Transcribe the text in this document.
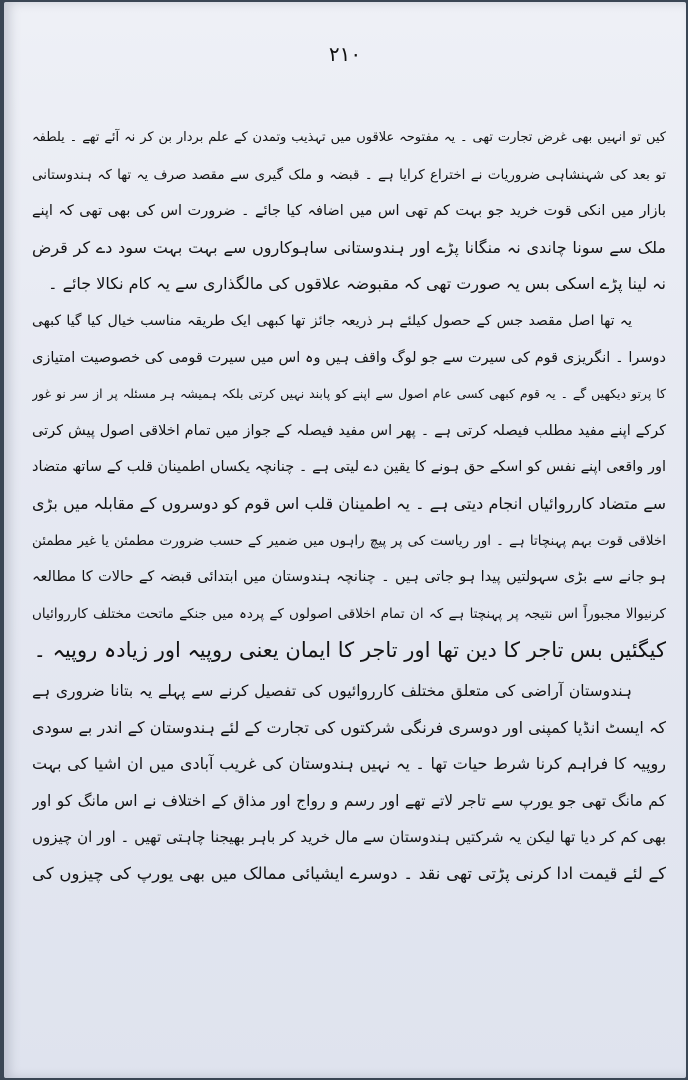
۲۱۰
کیں تو انہیں بھی غرض تجارت تھی ۔ یہ مفتوحہ علاقوں میں تہذیب وتمدن کے علم بردار بن کر نہ آئے تھے ۔ یلطفہ
تو بعد کی شہنشاہی ضروریات نے اختراع کرایا ہے ۔ قبضہ و ملک گیری سے مقصد صرف یہ تھا کہ ہندوستانی
بازار میں انکی قوت خرید جو بہت کم تھی اس میں اضافہ کیا جائے ۔ ضرورت اس کی بھی تھی کہ اپنے
ملک سے سونا چاندی نہ منگانا پڑے اور ہندوستانی ساہوکاروں سے بہت بہت سود دے کر قرض
نہ لینا پڑے اسکی بس یہ صورت تھی کہ مقبوضہ علاقوں کی مالگذاری سے یہ کام نکالا جائے ۔
یہ تھا اصل مقصد جس کے حصول کیلئے ہر ذریعہ جائز تھا کبھی ایک طریقہ مناسب خیال کیا گیا کبھی
دوسرا ۔ انگریزی قوم کی سیرت سے جو لوگ واقف ہیں وہ اس میں سیرت قومی کی خصوصیت امتیازی
کا پرتو دیکھیں گے ۔ یہ قوم کبھی کسی عام اصول سے اپنے کو پابند نہیں کرتی بلکہ ہمیشہ ہر مسئلہ پر از سر نو غور
کرکے اپنے مفید مطلب فیصلہ کرتی ہے ۔ پھر اس مفید فیصلہ کے جواز میں تمام اخلاقی اصول پیش کرتی
اور واقعی اپنے نفس کو اسکے حق ہونے کا یقین دے لیتی ہے ۔ چنانچہ یکساں اطمینان قلب کے ساتھ متضاد
سے متضاد کارروائیاں انجام دیتی ہے ۔ یہ اطمینان قلب اس قوم کو دوسروں کے مقابلہ میں بڑی
اخلاقی قوت بہم پہنچاتا ہے ۔ اور ریاست کی پر پیچ راہوں میں ضمیر کے حسب ضرورت مطمئن یا غیر مطمئن
ہو جانے سے بڑی سہولتیں پیدا ہو جاتی ہیں ۔ چنانچہ ہندوستان میں ابتدائی قبضہ کے حالات کا مطالعہ
کرنیوالا مجبوراً اس نتیجہ پر پہنچتا ہے کہ ان تمام اخلاقی اصولوں کے پردہ میں جنکے ماتحت مختلف کارروائیاں
کیگئیں بس تاجر کا دین تھا اور تاجر کا ایمان یعنی روپیہ اور زیادہ روپیہ ۔
ہندوستان آراضی کی متعلق مختلف کارروائیوں کی تفصیل کرنے سے پہلے یہ بتانا ضروری ہے
کہ ایسٹ انڈیا کمپنی اور دوسری فرنگی شرکتوں کی تجارت کے لئے ہندوستان کے اندر بے سودی
روپیہ کا فراہم کرنا شرط حیات تھا ۔ یہ نہیں ہندوستان کی غریب آبادی میں ان اشیا کی بہت
کم مانگ تھی جو یورپ سے تاجر لاتے تھے اور رسم و رواج اور مذاق کے اختلاف نے اس مانگ کو اور
بھی کم کر دیا تھا لیکن یہ شرکتیں ہندوستان سے مال خرید کر باہر بھیجنا چاہتی تھیں ۔ اور ان چیزوں
کے لئے قیمت ادا کرنی پڑتی تھی نقد ۔ دوسرے ایشیائی ممالک میں بھی یورپ کی چیزوں کی
